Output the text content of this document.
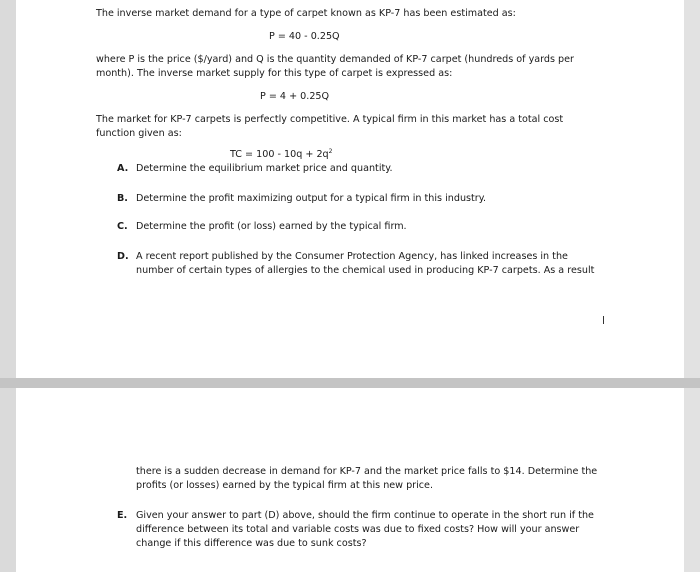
The inverse market demand for a type of carpet known as KP-7 has been estimated as:
P = 40 - 0.25Q
where P is the price ($/yard) and Q is the quantity demanded of KP-7 carpet (hundreds of yards per
month). The inverse market supply for this type of carpet is expressed as:
P = 4 + 0.25Q
The market for KP-7 carpets is perfectly competitive. A typical firm in this market has a total cost
function given as:
TC = $100 - 10q + 2q^2$
A. Determine the equilibrium market price and quantity.
B. Determine the profit maximizing output for a typical firm in this industry.
C. Determine the profit (or loss) earned by the typical firm.
D. A recent report published by the Consumer Protection Agency, has linked increases in the
number of certain types of allergies to the chemical used in producing KP-7 carpets. As a result
there is a sudden decrease in demand for KP-7 and the market price falls to $14. Determine the
profits (or losses) earned by the typical firm at this new price.
E. Given your answer to part (D) above, should the firm continue to operate in the short run if the
difference between its total and variable costs was due to fixed costs? How will your answer
change if this difference was due to sunk costs?
